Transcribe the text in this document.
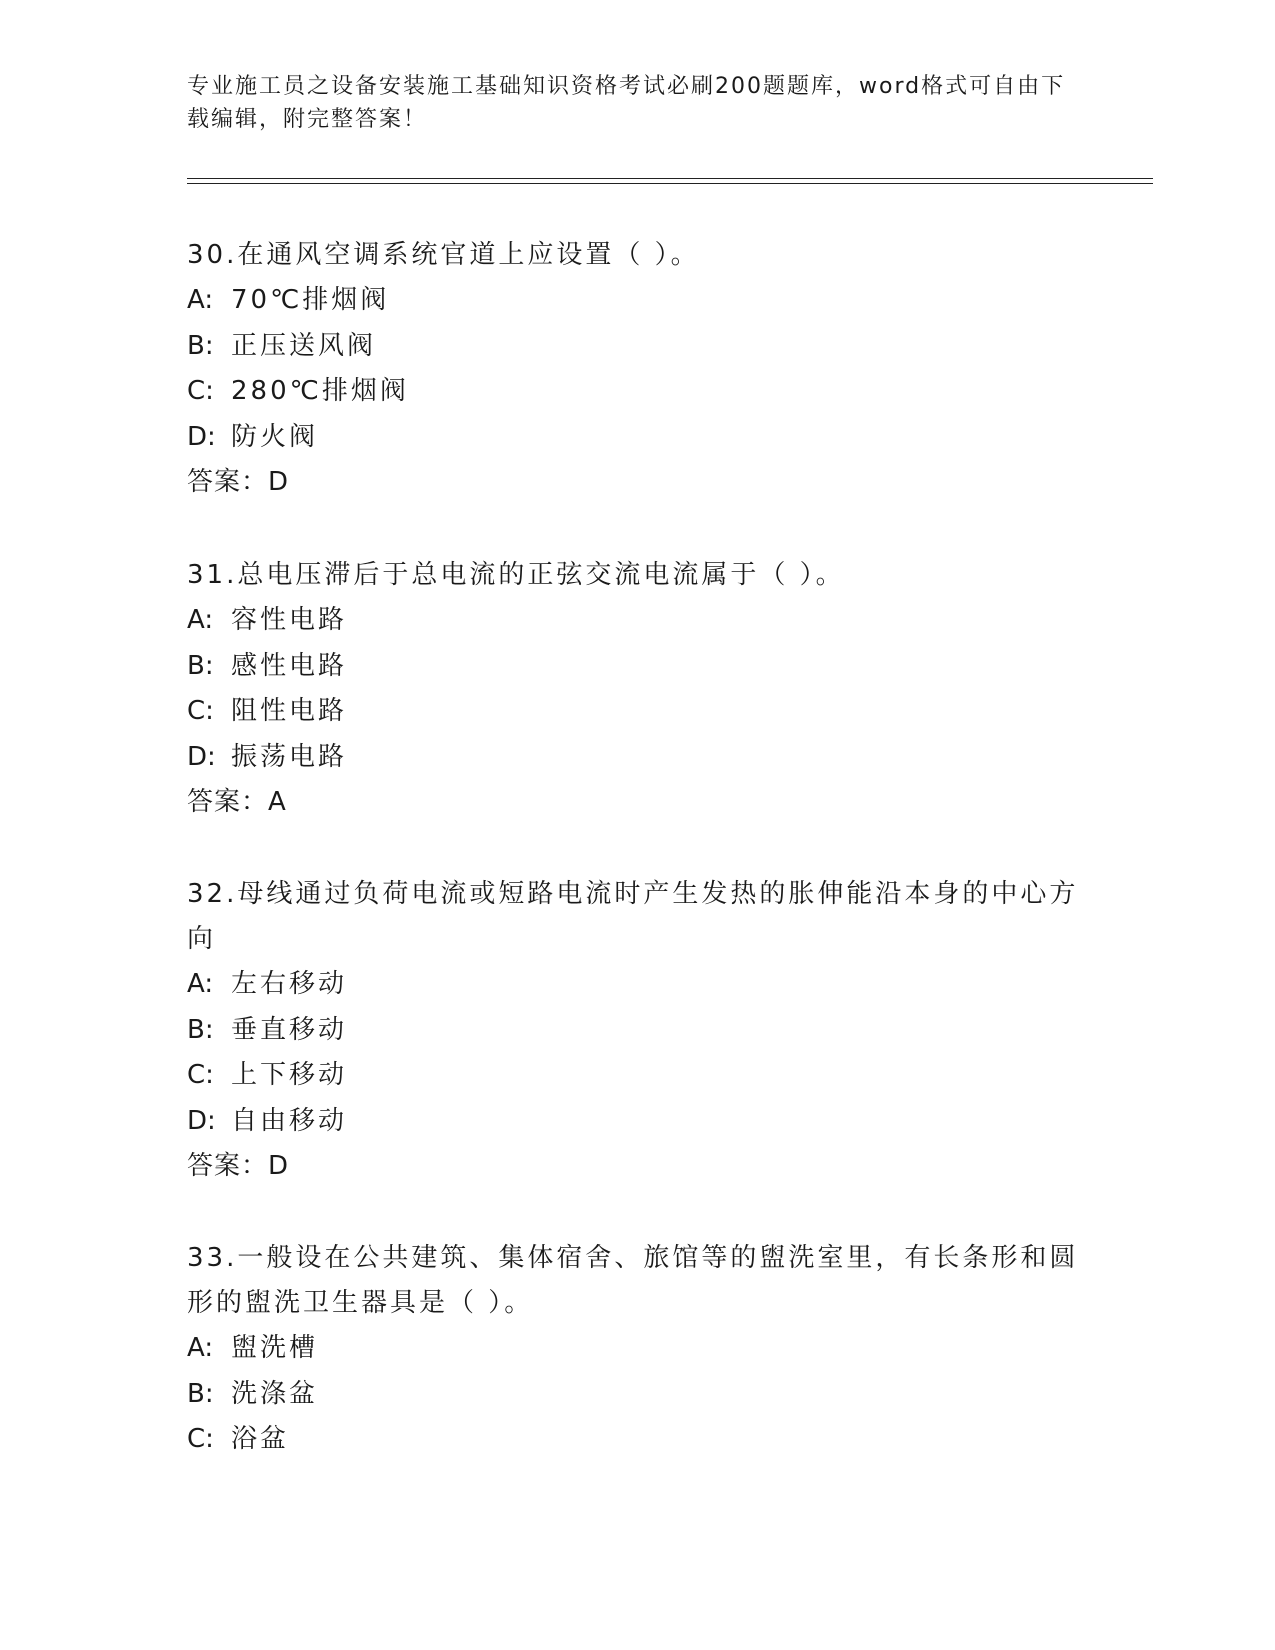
专业施工员之设备安装施工基础知识资格考试必刷200题题库，word格式可自由下载编辑，附完整答案！

30.在通风空调系统官道上应设置（ ）。

A: 70℃排烟阀

B: 正压送风阀

C: 280℃排烟阀

D: 防火阀

答案：D

31.总电压滞后于总电流的正弦交流电流属于（ ）。

A: 容性电路

B: 感性电路

C: 阻性电路

D: 振荡电路

答案：A

32.母线通过负荷电流或短路电流时产生发热的胀伸能沿本身的中心方向

A: 左右移动

B: 垂直移动

C: 上下移动

D: 自由移动

答案：D

33.一般设在公共建筑、集体宿舍、旅馆等的盥洗室里，有长条形和圆形的盥洗卫生器具是（ ）。

A: 盥洗槽

B: 洗涤盆

C: 浴盆
